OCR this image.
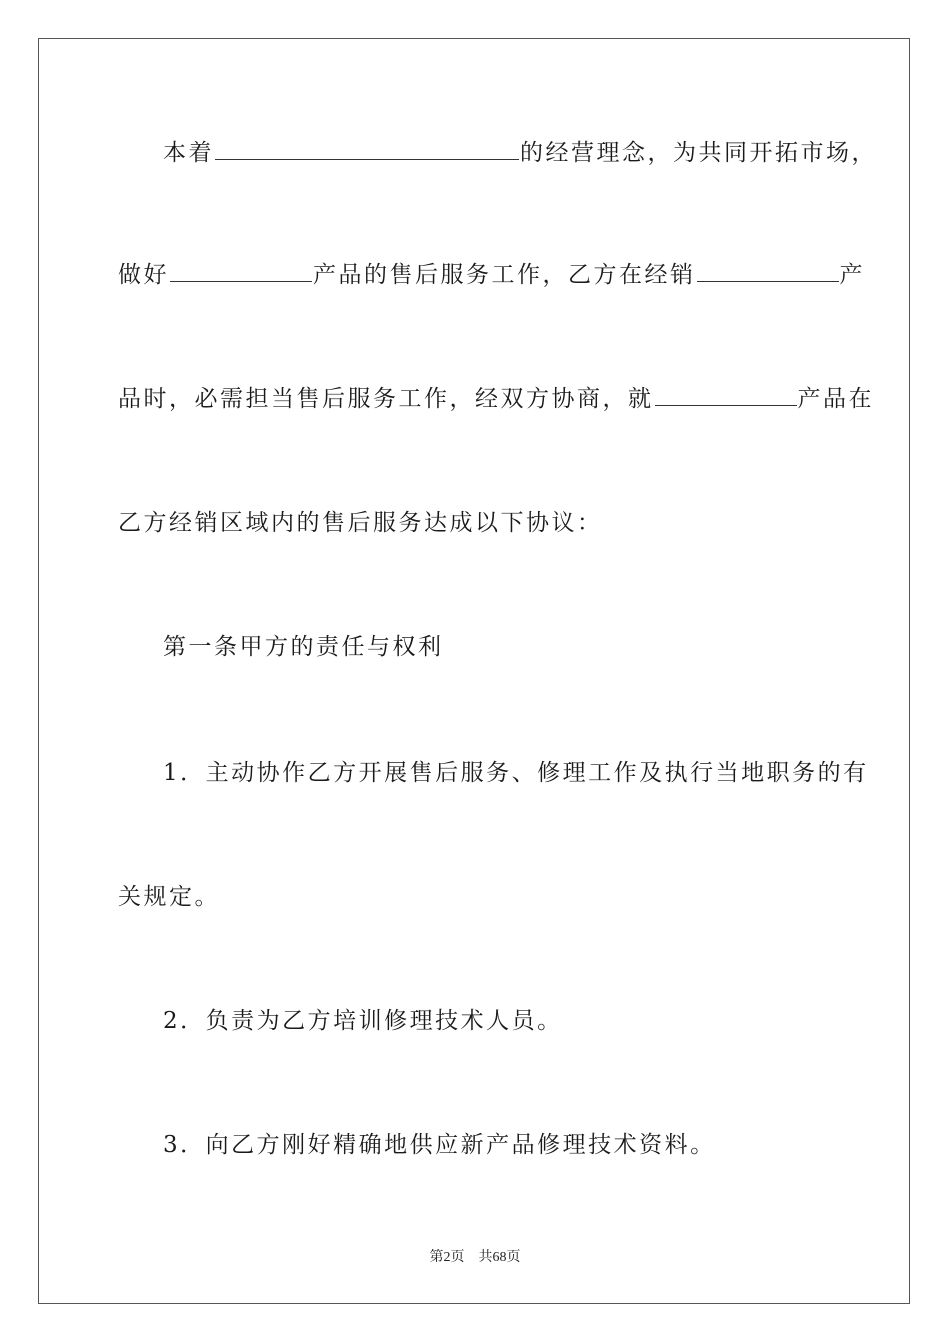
本着	的经营理念，为共同开拓市场，
做好	产品的售后服务工作，乙方在经销	产
品时，必需担当售后服务工作，经双方协商，就	产品在
乙方经销区域内的售后服务达成以下协议：
第一条甲方的责任与权利
1．主动协作乙方开展售后服务、修理工作及执行当地职务的有
关规定。
2．负责为乙方培训修理技术人员。
3．向乙方刚好精确地供应新产品修理技术资料。
第2页 共68页
